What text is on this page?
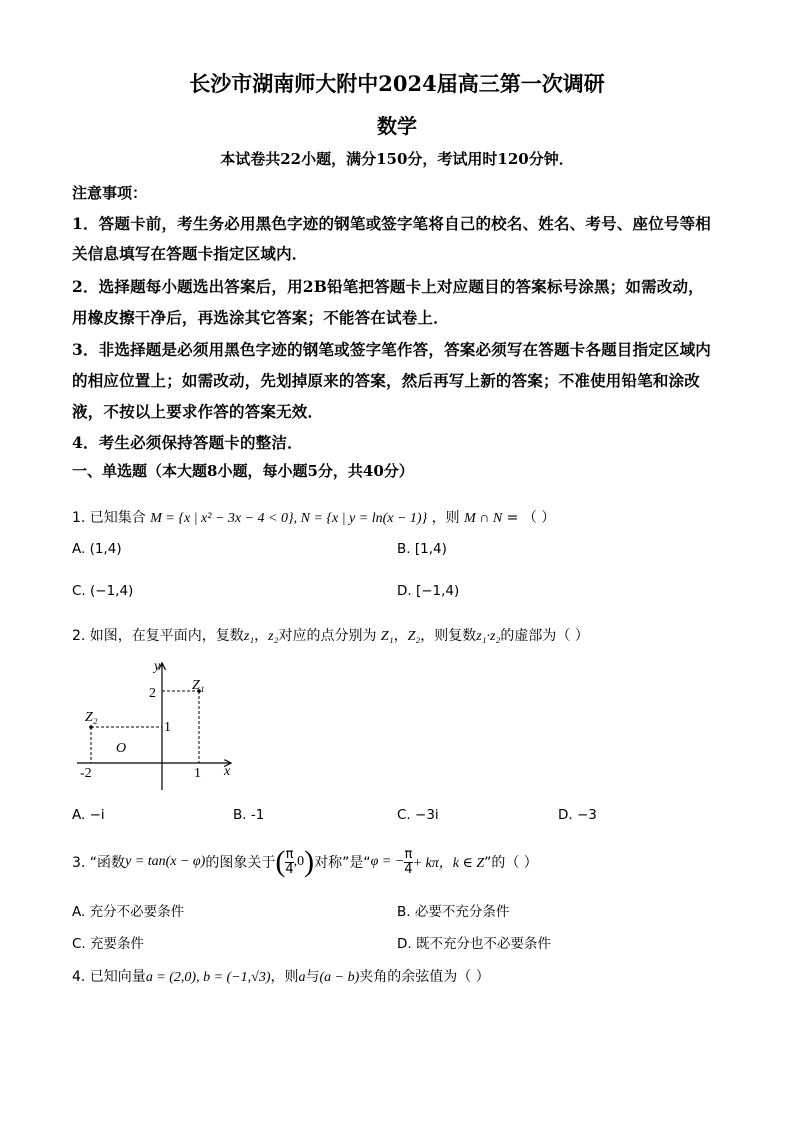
长沙市湖南师大附中2024届高三第一次调研
数学
本试卷共22小题，满分150分，考试用时120分钟．
注意事项：
1．答题卡前，考生务必用黑色字迹的钢笔或签字笔将自己的校名、姓名、考号、座位号等相
关信息填写在答题卡指定区域内．
2．选择题每小题选出答案后，用2B铅笔把答题卡上对应题目的答案标号涂黑；如需改动，
用橡皮擦干净后，再选涂其它答案；不能答在试卷上．
3．非选择题是必须用黑色字迹的钢笔或签字笔作答，答案必须写在答题卡各题目指定区域内
的相应位置上；如需改动，先划掉原来的答案，然后再写上新的答案；不准使用铅笔和涂改
液，不按以上要求作答的答案无效．
4．考生必须保持答题卡的整洁．
一、单选题（本大题8小题，每小题5分，共40分）
1. 已知集合 M = {x | x² − 3x − 4 < 0}, N = {x | y = ln(x − 1)} ，则 M ∩ N = （ ）
A. (1,4)	B. [1,4)
C. (−1,4)	D. [−1,4)
2. 如图，在复平面内，复数z₁，z₂对应的点分别为 Z₁，Z₂，则复数z₁·z₂的虚部为（ ）
y
x
O
2
1
-2	1
Z₁
Z₂
A. −i	B. -1	C. −3i	D. −3
3. “函数 y = tan(x − φ) 的图象关于 ( $\frac{\pi}{4} ,0$ ) 对称”是“ φ = − $\frac{\pi}{4} + k\pi$，k ∈ Z ”的（ ）
A. 充分不必要条件	B. 必要不充分条件
C. 充要条件	D. 既不充分也不必要条件
4. 已知向量a = (2,0), b = (−1,√3)，则a与(a − b)夹角的余弦值为（ ）
